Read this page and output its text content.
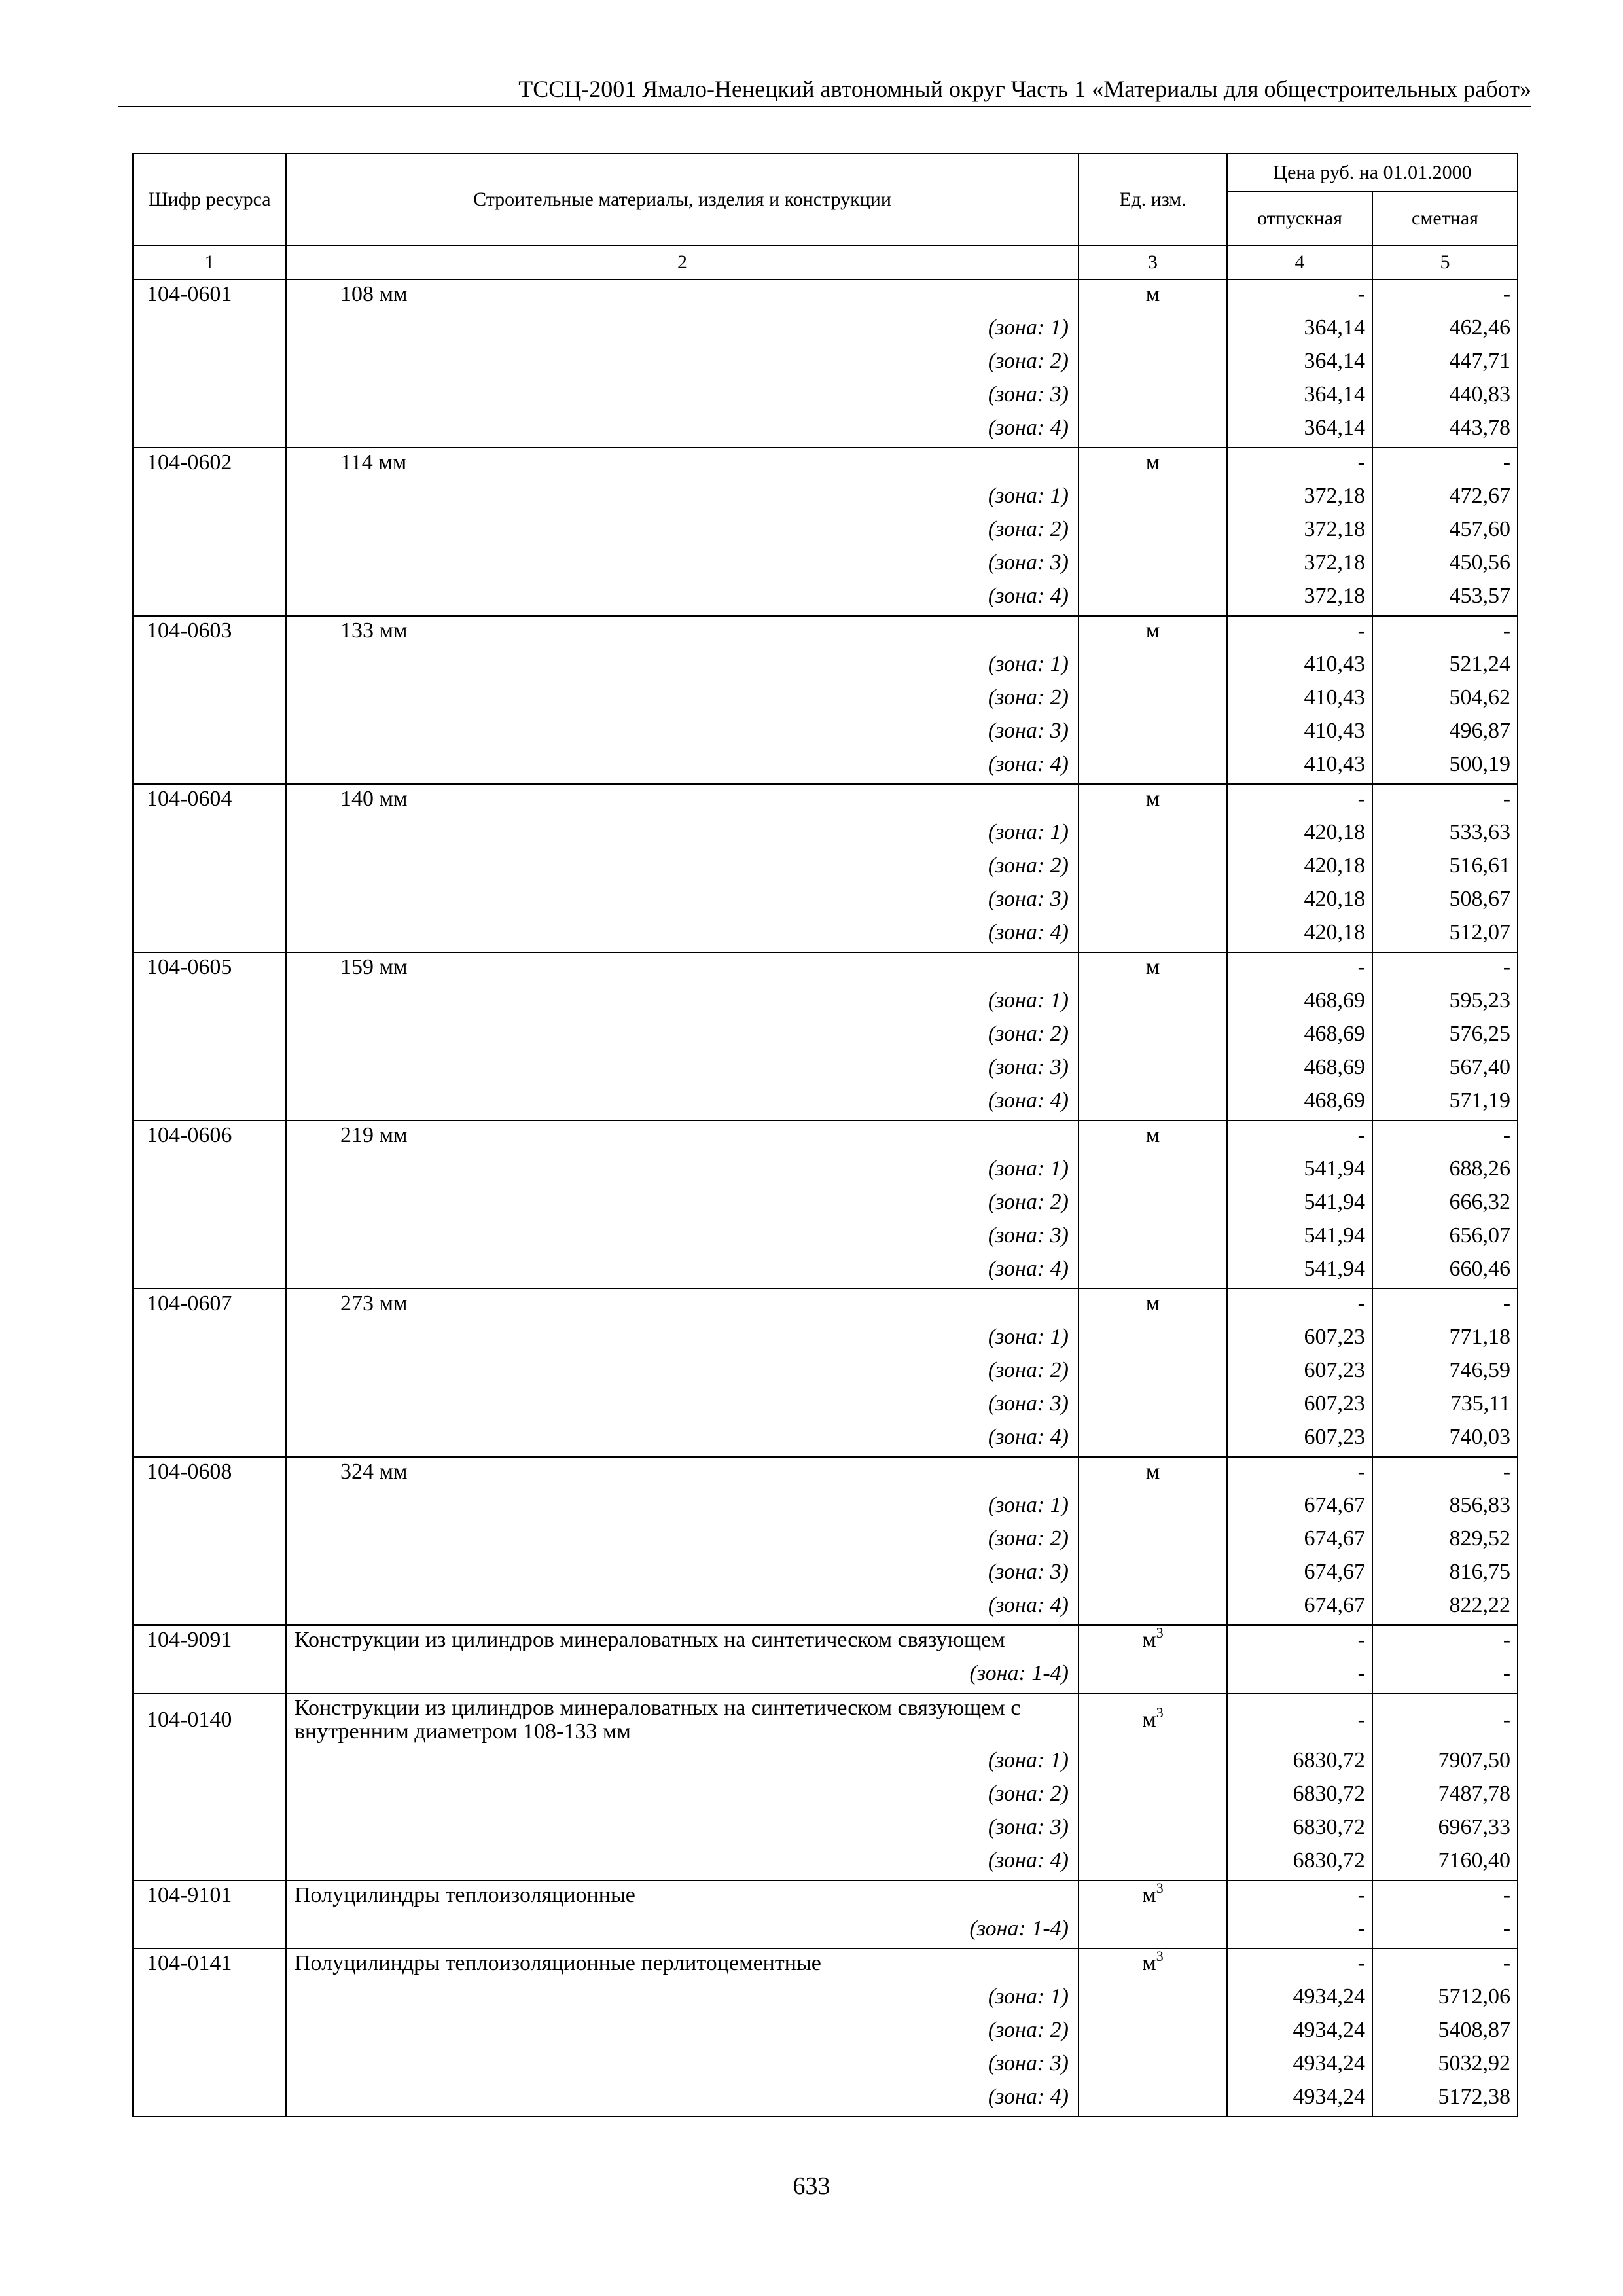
ТССЦ-2001 Ямало-Ненецкий автономный округ Часть 1 «Материалы для общестроительных работ»
Шифр ресурса	Строительные материалы, изделия и конструкции	Ед. изм.	Цена руб. на 01.01.2000	
			отпускная	сметная
1	2	3	4	5
104-0601	108 мм	м	-	-
	(зона: 1)		364,14	462,46
	(зона: 2)		364,14	447,71
	(зона: 3)		364,14	440,83
	(зона: 4)		364,14	443,78
104-0602	114 мм	м	-	-
	(зона: 1)		372,18	472,67
	(зона: 2)		372,18	457,60
	(зона: 3)		372,18	450,56
	(зона: 4)		372,18	453,57
104-0603	133 мм	м	-	-
	(зона: 1)		410,43	521,24
	(зона: 2)		410,43	504,62
	(зона: 3)		410,43	496,87
	(зона: 4)		410,43	500,19
104-0604	140 мм	м	-	-
	(зона: 1)		420,18	533,63
	(зона: 2)		420,18	516,61
	(зона: 3)		420,18	508,67
	(зона: 4)		420,18	512,07
104-0605	159 мм	м	-	-
	(зона: 1)		468,69	595,23
	(зона: 2)		468,69	576,25
	(зона: 3)		468,69	567,40
	(зона: 4)		468,69	571,19
104-0606	219 мм	м	-	-
	(зона: 1)		541,94	688,26
	(зона: 2)		541,94	666,32
	(зона: 3)		541,94	656,07
	(зона: 4)		541,94	660,46
104-0607	273 мм	м	-	-
	(зона: 1)		607,23	771,18
	(зона: 2)		607,23	746,59
	(зона: 3)		607,23	735,11
	(зона: 4)		607,23	740,03
104-0608	324 мм	м	-	-
	(зона: 1)		674,67	856,83
	(зона: 2)		674,67	829,52
	(зона: 3)		674,67	816,75
	(зона: 4)		674,67	822,22
104-9091	Конструкции из цилиндров минераловатных на синтетическом связующем	$м^3$	-	-
	(зона: 1-4)		-	-
104-0140	Конструкции из цилиндров минераловатных на синтетическом связующем с внутренним диаметром 108-133 мм	$м^3$	-	-
	(зона: 1)		6830,72	7907,50
	(зона: 2)		6830,72	7487,78
	(зона: 3)		6830,72	6967,33
	(зона: 4)		6830,72	7160,40
104-9101	Полуцилиндры теплоизоляционные	$м^3$	-	-
	(зона: 1-4)		-	-
104-0141	Полуцилиндры теплоизоляционные перлитоцементные	$м^3$	-	-
	(зона: 1)		4934,24	5712,06
	(зона: 2)		4934,24	5408,87
	(зона: 3)		4934,24	5032,92
	(зона: 4)		4934,24	5172,38
633
